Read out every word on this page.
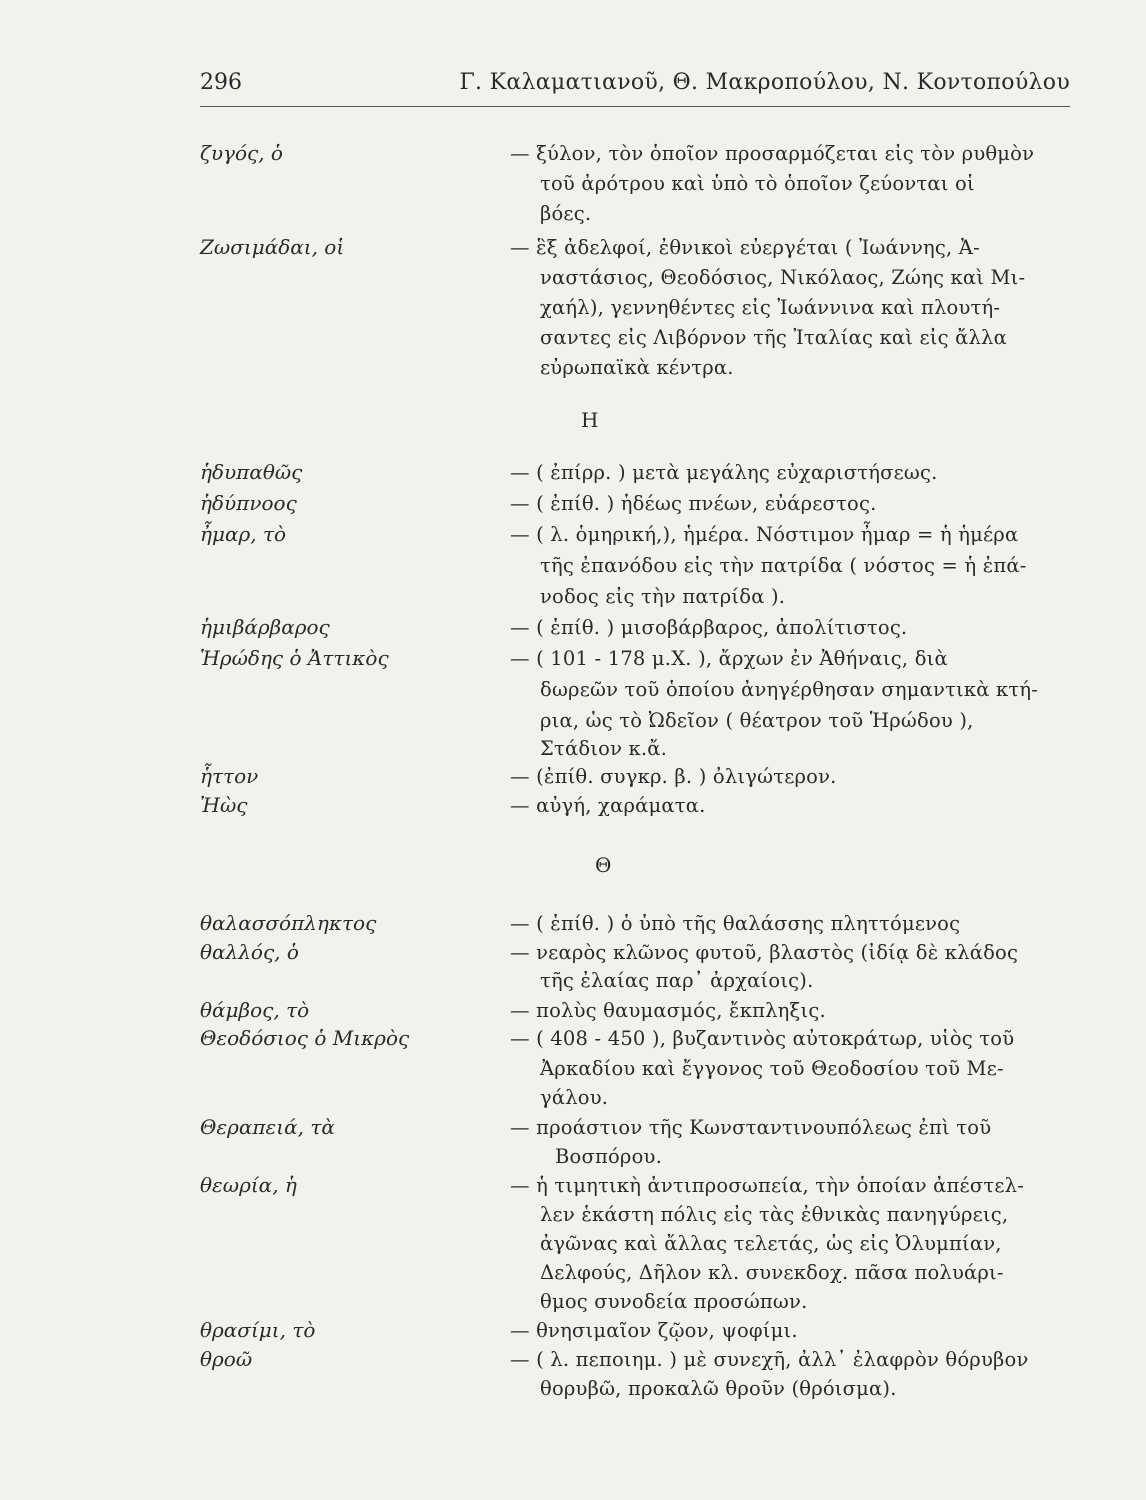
296	Γ. Καλαματιανοῦ, Θ. Μακροπούλου, Ν. Κοντοπούλου
Η
Θ
ζυγός, ὁ
Ζωσιμάδαι, οἱ
ἡδυπαθῶς
ἡδύπνοος
ἦμαρ, τὸ
ἡμιβάρβαρος
Ἡρώδης ὁ Ἀττικὸς
ἧττον
Ἠὼς
θαλασσόπληκτος
θαλλός, ὁ
θάμβος, τὸ
Θεοδόσιος ὁ Μικρὸς
Θεραπειά, τὰ
θεωρία, ἡ
θρασίμι, τὸ
θροῶ
— ξύλον, τὸν ὁποῖον προσαρμόζεται εἰς τὸν ρυθμὸν
τοῦ ἀρότρου καὶ ὑπὸ τὸ ὁποῖον ζεύονται οἱ
βόες.
— ἓξ ἀδελφοί, ἐθνικοὶ εὐεργέται ( Ἰωάννης, Ἀ-
ναστάσιος, Θεοδόσιος, Νικόλαος, Ζώης καὶ Μι-
χαήλ), γεννηθέντες εἰς Ἰωάννινα καὶ πλουτή-
σαντες εἰς Λιβόρνον τῆς Ἰταλίας καὶ εἰς ἄλλα
εὐρωπαϊκὰ κέντρα.
— ( ἐπίρρ. ) μετὰ μεγάλης εὐχαριστήσεως.
— ( ἐπίθ. ) ἡδέως πνέων, εὐάρεστος.
— ( λ. ὁμηρική,), ἡμέρα. Νόστιμον ἦμαρ = ἡ ἡμέρα
τῆς ἐπανόδου εἰς τὴν πατρίδα ( νόστος = ἡ ἐπά-
νοδος εἰς τὴν πατρίδα ).
— ( ἐπίθ. ) μισοβάρβαρος, ἀπολίτιστος.
— ( 101 - 178 μ.Χ. ), ἄρχων ἐν Ἀθήναις, διὰ
δωρεῶν τοῦ ὁποίου ἀνηγέρθησαν σημαντικὰ κτή-
ρια, ὡς τὸ Ὠδεῖον ( θέατρον τοῦ Ἡρώδου ),
Στάδιον κ.ἄ.
— (ἐπίθ. συγκρ. β. ) ὀλιγώτερον.
— αὐγή, χαράματα.
— ( ἐπίθ. ) ὁ ὑπὸ τῆς θαλάσσης πληττόμενος
— νεαρὸς κλῶνος φυτοῦ, βλαστὸς (ἰδίᾳ δὲ κλάδος
τῆς ἐλαίας παρ᾽ ἀρχαίοις).
— πολὺς θαυμασμός, ἔκπληξις.
— ( 408 - 450 ), βυζαντινὸς αὐτοκράτωρ, υἱὸς τοῦ
Ἀρκαδίου καὶ ἔγγονος τοῦ Θεοδοσίου τοῦ Με-
γάλου.
— προάστιον τῆς Κωνσταντινουπόλεως ἐπὶ τοῦ
Βοσπόρου.
— ἡ τιμητικὴ ἀντιπροσωπεία, τὴν ὁποίαν ἀπέστελ-
λεν ἑκάστη πόλις εἰς τὰς ἐθνικὰς πανηγύρεις,
ἀγῶνας καὶ ἄλλας τελετάς, ὡς εἰς Ὀλυμπίαν,
Δελφούς, Δῆλον κλ. συνεκδοχ. πᾶσα πολυάρι-
θμος συνοδεία προσώπων.
— θνησιμαῖον ζῷον, ψοφίμι.
— ( λ. πεποιημ. ) μὲ συνεχῆ, ἀλλ᾽ ἐλαφρὸν θόρυβον
θορυβῶ, προκαλῶ θροῦν (θρόισμα).
